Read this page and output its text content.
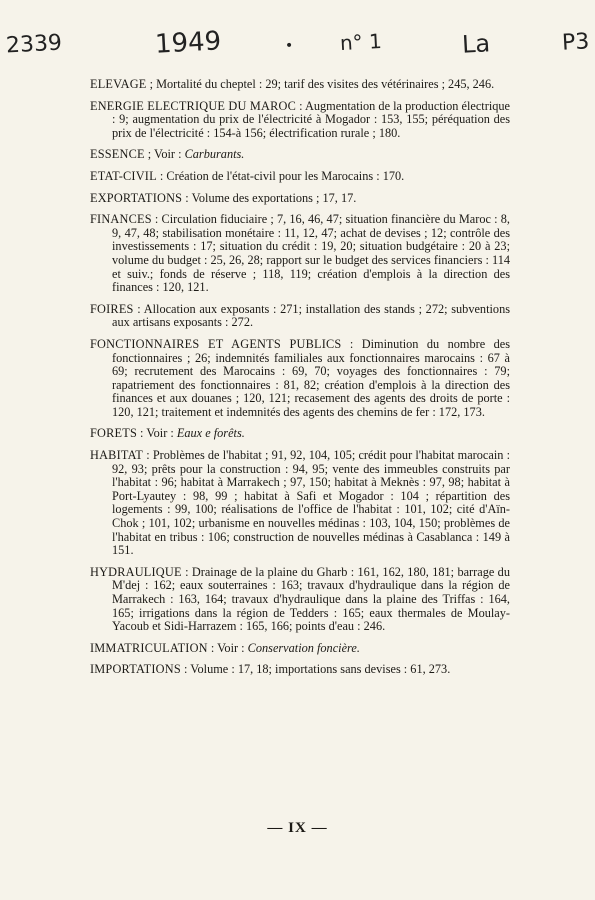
2339	1949	• n° 1	La	P3
ELEVAGE ; Mortalité du cheptel : 29; tarif des visites des vétérinaires ; 245, 246.
ENERGIE ELECTRIQUE DU MAROC : Augmentation de la production électrique : 9; augmentation du prix de l'électricité à Mogador : 153, 155; péréquation des prix de l'électricité : 154-à 156; électrification rurale ; 180.
ESSENCE ; Voir : Carburants.
ETAT-CIVIL : Création de l'état-civil pour les Marocains : 170.
EXPORTATIONS : Volume des exportations ; 17, 17.
FINANCES : Circulation fiduciaire ; 7, 16, 46, 47; situation financière du Maroc : 8, 9, 47, 48; stabilisation monétaire : 11, 12, 47; achat de devises ; 12; contrôle des investissements : 17; situation du crédit : 19, 20; situation budgétaire : 20 à 23; volume du budget : 25, 26, 28; rapport sur le budget des services financiers : 114 et suiv.; fonds de réserve ; 118, 119; création d'emplois à la direction des finances : 120, 121.
FOIRES : Allocation aux exposants : 271; installation des stands ; 272; subventions aux artisans exposants : 272.
FONCTIONNAIRES ET AGENTS PUBLICS : Diminution du nombre des fonctionnaires ; 26; indemnités familiales aux fonctionnaires marocains : 67 à 69; recrutement des Marocains : 69, 70; voyages des fonctionnaires : 79; rapatriement des fonctionnaires : 81, 82; création d'emplois à la direction des finances et aux douanes ; 120, 121; recasement des agents des droits de porte : 120, 121; traitement et indemnités des agents des chemins de fer : 172, 173.
FORETS : Voir : Eaux e forêts.
HABITAT : Problèmes de l'habitat ; 91, 92, 104, 105; crédit pour l'habitat marocain : 92, 93; prêts pour la construction : 94, 95; vente des immeubles construits par l'habitat : 96; habitat à Marrakech ; 97, 150; habitat à Meknès : 97, 98; habitat à Port-Lyautey : 98, 99 ; habitat à Safi et Mogador : 104 ; répartition des logements : 99, 100; réalisations de l'office de l'habitat : 101, 102; cité d'Aïn-Chok ; 101, 102; urbanisme en nouvelles médinas : 103, 104, 150; problèmes de l'habitat en tribus : 106; construction de nouvelles médinas à Casablanca : 149 à 151.
HYDRAULIQUE : Drainage de la plaine du Gharb : 161, 162, 180, 181; barrage du M'dej : 162; eaux souterraines : 163; travaux d'hydraulique dans la région de Marrakech : 163, 164; travaux d'hydraulique dans la plaine des Triffas : 164, 165; irrigations dans la région de Tedders : 165; eaux thermales de Moulay-Yacoub et Sidi-Harrazem : 165, 166; points d'eau : 246.
IMMATRICULATION : Voir : Conservation foncière.
IMPORTATIONS : Volume : 17, 18; importations sans devises : 61, 273.
— IX —
